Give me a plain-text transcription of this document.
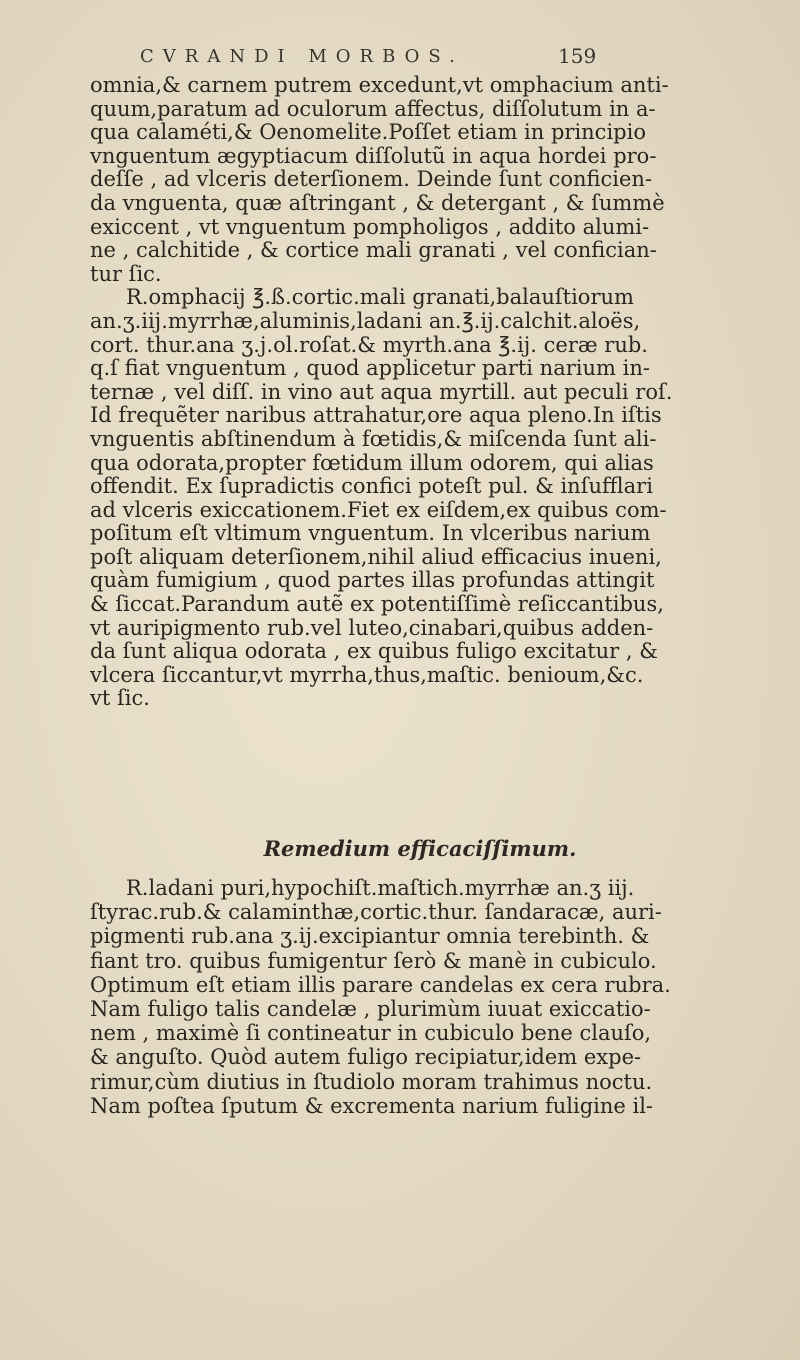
CVRANDI MORBOS.	159
omnia,& carnem putrem excedunt,vt omphacium anti-
quum,paratum ad oculorum affectus, diſſolutum in a-
qua calaméti,& Oenomelite.Poſſet etiam in principio
vnguentum ægyptiacum diſſolutũ in aqua hordei pro-
deſſe , ad vlceris deterſionem. Deinde ſunt conficien-
da vnguenta, quæ aſtringant , & detergant , & ſummè
exiccent , vt vnguentum pompholigos , addito alumi-
ne , calchitide , & cortice mali granati , vel confician-
tur ſic.
R.omphacij ℥.ß.cortic.mali granati,balauſtiorum
an.ʒ.iij.myrrhæ,aluminis,ladani an.℥.ij.calchit.aloës,
cort. thur.ana ʒ.j.ol.roſat.& myrth.ana ℥.ij. ceræ rub.
q.ſ fiat vnguentum , quod applicetur parti narium in-
ternæ , vel diſſ. in vino aut aqua myrtill. aut peculi roſ.
Id frequẽter naribus attrahatur,ore aqua pleno.In iſtis
vnguentis abſtinendum à fœtidis,& miſcenda ſunt ali-
qua odorata,propter fœtidum illum odorem, qui alias
offendit. Ex ſupradictis confici poteſt pul. & inſufflari
ad vlceris exiccationem.Fiet ex eiſdem,ex quibus com-
poſitum eſt vltimum vnguentum. In vlceribus narium
poſt aliquam deterſionem,nihil aliud efficacius inueni,
quàm fumigium , quod partes illas profundas attingit
& ſiccat.Parandum autẽ ex potentiſſimè reſiccantibus,
vt auripigmento rub.vel luteo,cinabari,quibus adden-
da ſunt aliqua odorata , ex quibus fuligo excitatur , &
vlcera ſiccantur,vt myrrha,thus,maſtic. benioum,&c.
vt ſic.
Remedium efficaciſſimum.
R.ladani puri,hypochiſt.maſtich.myrrhæ an.ʒ iij.
ſtyrac.rub.& calaminthæ,cortic.thur. ſandaracæ, auri-
pigmenti rub.ana ʒ.ij.excipiantur omnia terebinth. &
fiant tro. quibus fumigentur ſerò & manè in cubiculo.
Optimum eſt etiam illis parare candelas ex cera rubra.
Nam fuligo talis candelæ , plurimùm iuuat exiccatio-
nem , maximè ſi contineatur in cubiculo bene clauſo,
& anguſto. Quòd autem fuligo recipiatur,idem expe-
rimur,cùm diutius in ſtudiolo moram trahimus noctu.
Nam poſtea ſputum & excrementa narium fuligine il-
